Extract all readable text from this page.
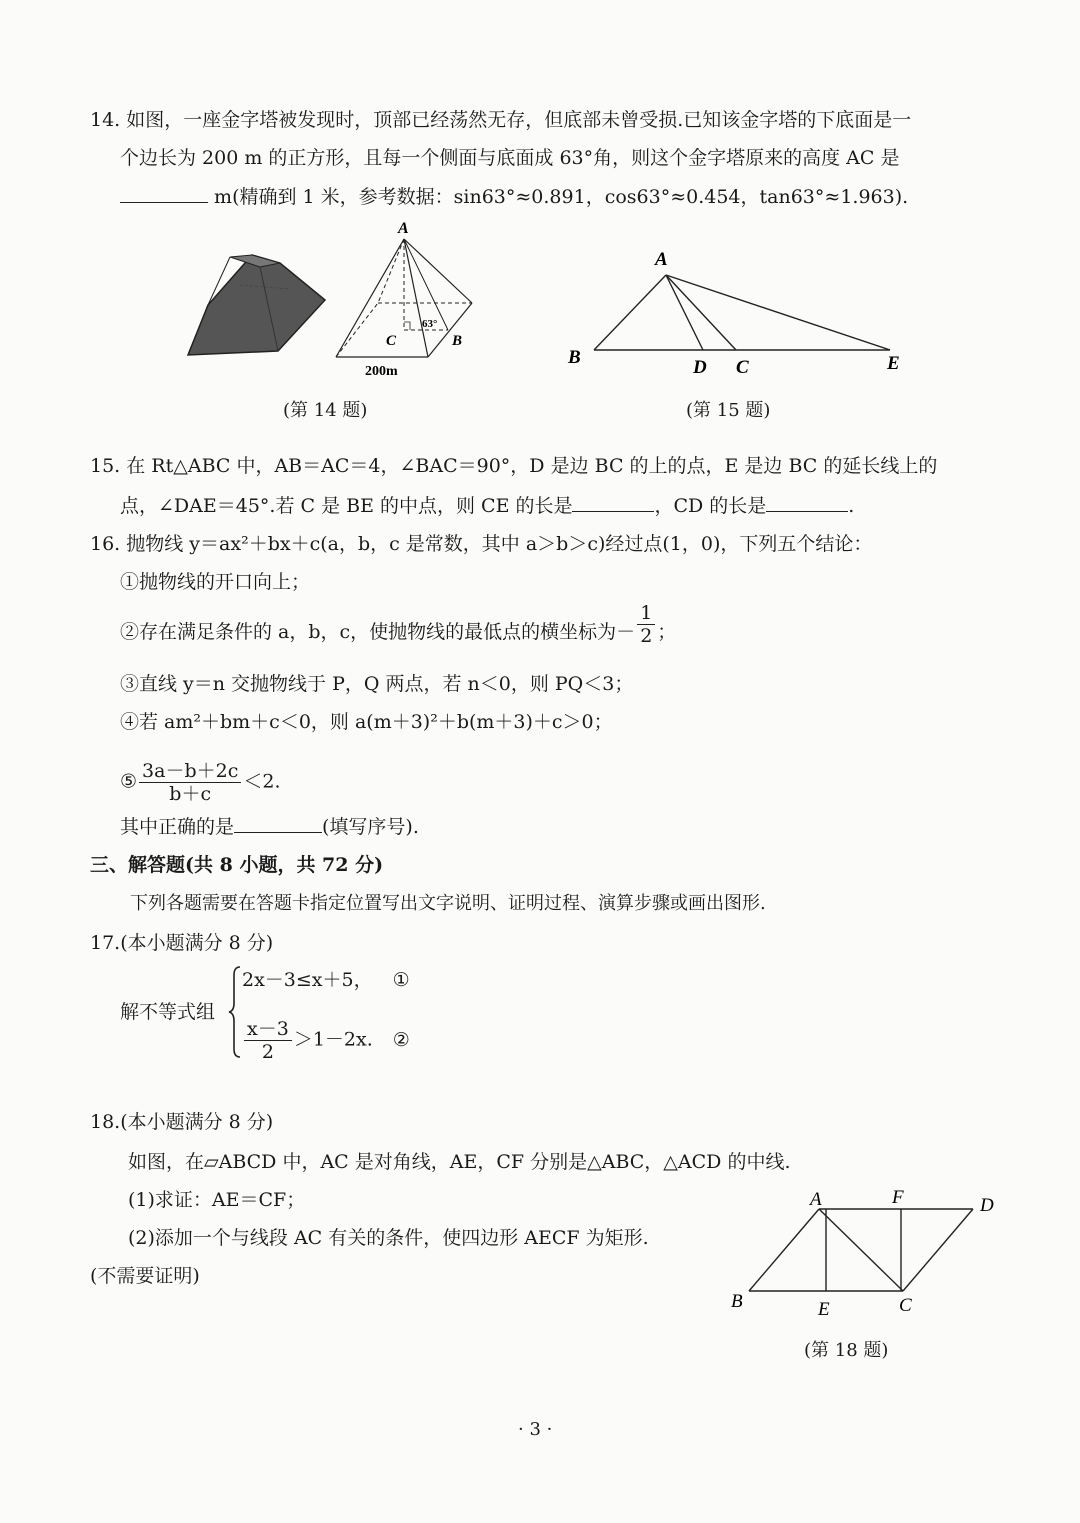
14. 如图，一座金字塔被发现时，顶部已经荡然无存，但底部未曾受损.已知该金字塔的下底面是一
个边长为 200 m 的正方形，且每一个侧面与底面成 63°角，则这个金字塔原来的高度 AC 是
m(精确到 1 米，参考数据：sin63°≈0.891，cos63°≈0.454，tan63°≈1.963).
A
63°
C	B
200m
A
B	D C	E
(第 14 题)	(第 15 题)
15. 在 Rt△ABC 中，AB＝AC＝4，∠BAC＝90°，D 是边 BC 的上的点，E 是边 BC 的延长线上的
点，∠DAE＝45°.若 C 是 BE 的中点，则 CE 的长是	，CD 的长是	.
16. 抛物线 y＝ax²＋bx＋c(a，b，c 是常数，其中 a＞b＞c)经过点(1，0)，下列五个结论：
①抛物线的开口向上；
②存在满足条件的 a，b，c，使抛物线的最低点的横坐标为－ $\frac{1}{2}$ ；
③直线 y＝n 交抛物线于 P，Q 两点，若 n＜0，则 PQ＜3；
④若 am²＋bm＋c＜0，则 a(m＋3)²＋b(m＋3)＋c＞0；
⑤ $\frac{3a-b+2c}{b+c} <2$.
其中正确的是	(填写序号).
三、解答题(共 8 小题，共 72 分)
下列各题需要在答题卡指定位置写出文字说明、证明过程、演算步骤或画出图形.
17.(本小题满分 8 分)
解不等式组
2x－3≤x＋5， ①
$\frac{x-3}{2} >1-2x$. ②
18.(本小题满分 8 分)
如图，在▱ABCD 中，AC 是对角线，AE，CF 分别是△ABC，△ACD 的中线.
(1)求证：AE＝CF；
(2)添加一个与线段 AC 有关的条件，使四边形 AECF 为矩形.
(不需要证明)
A	F	D
B	E	C
(第 18 题)
· 3 ·
